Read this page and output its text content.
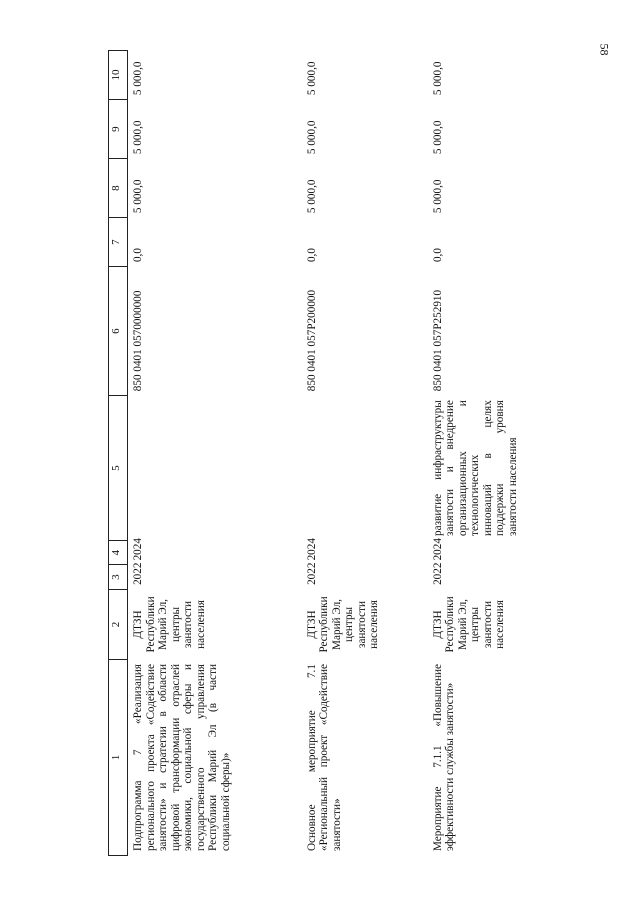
58
1	2	3	4	5	6	7	8	9	10
Подпрограмма 7 «Реализация регионального проекта «Содействие занятости» и стратегии в области цифровой трансформации отраслей экономики, социальной сферы и государственного управления Республики Марий Эл (в части социальной сферы)»	ДТЗН Республики Марий Эл, центры занятости населения	2022	2024		850 0401 0570000000	0,0	5 000,0	5 000,0	5 000,0
Основное мероприятие 7.1 «Региональный проект «Содействие занятости»	ДТЗН Республики Марий Эл, центры занятости населения	2022	2024		850 0401 057Р200000	0,0	5 000,0	5 000,0	5 000,0
Мероприятие 7.1.1 «Повышение эффективности службы занятости»	ДТЗН Республики Марий Эл, центры занятости населения	2022	2024	развитие инфраструктуры занятости и внедрение организационных и технологических инноваций в целях поддержки уровня занятости населения	850 0401 057Р252910	0,0	5 000,0	5 000,0	5 000,0
